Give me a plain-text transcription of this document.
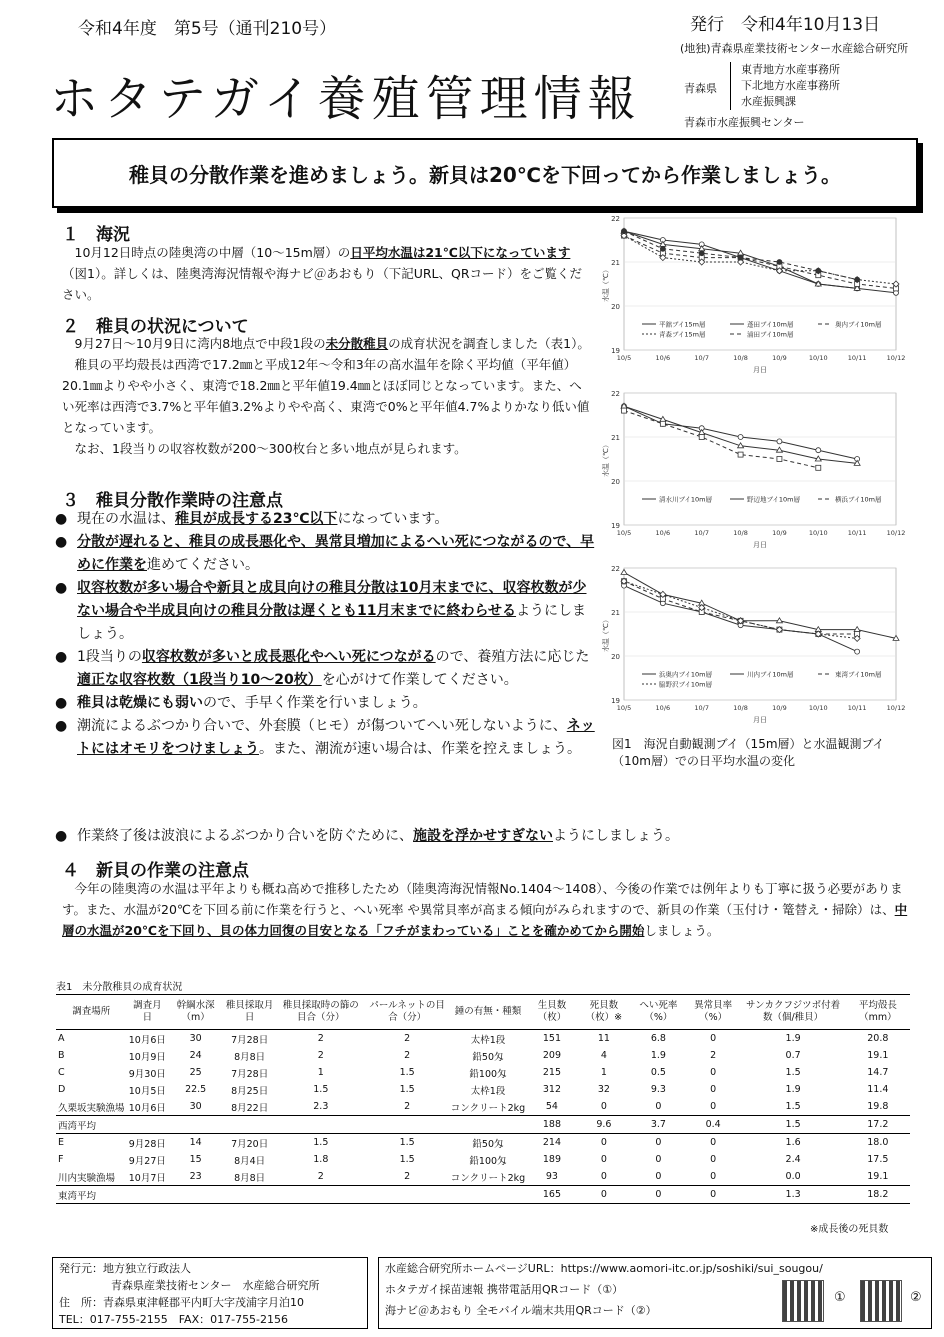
令和4年度　第5号（通刊210号）	発行　令和4年10月13日
(地独)青森県産業技術センター水産総合研究所
ホタテガイ養殖管理情報	青森県
東青地方水産事務所
下北地方水産事務所
水産振興課
青森市水産振興センター
稚貝の分散作業を進めましょう。新貝は20℃を下回ってから作業しましょう。
１　海況
　10月12日時点の陸奥湾の中層（10～15m層）の日平均水温は21℃以下になっています（図1）。詳しくは、陸奥湾海況情報や海ナビ＠あおもり（下記URL、QRコード）をご覧ください。
２　稚貝の状況について
　9月27日～10月9日に湾内8地点で中段1段の未分散稚貝の成育状況を調査しました（表1）。
　稚貝の平均殻長は西湾で17.2㎜と平成12年～令和3年の高水温年を除く平均値（平年値）20.1㎜よりやや小さく、東湾で18.2㎜と平年値19.4㎜とほぼ同じとなっています。また、へい死率は西湾で3.7%と平年値3.2%よりやや高く、東湾で0%と平年値4.7%よりかなり低い値となっています。
　なお、1段当りの収容枚数が200～300枚台と多い地点が見られます。
３　稚貝分散作業時の注意点
● 現在の水温は、稚貝が成長する23℃以下になっています。
● 分散が遅れると、稚貝の成長悪化や、異常貝増加によるへい死につながるので、早めに作業を進めてください。
● 収容枚数が多い場合や新貝と成貝向けの稚貝分散は10月末までに、収容枚数が少ない場合や半成貝向けの稚貝分散は遅くとも11月末までに終わらせるようにしましょう。
● 1段当りの収容枚数が多いと成長悪化やへい死につながるので、養殖方法に応じた適正な収容枚数（1段当り10～20枚）を心がけて作業してください。
● 稚貝は乾燥にも弱いので、手早く作業を行いましょう。
● 潮流によるぶつかり合いで、外套膜（ヒモ）が傷ついてへい死しないように、ネットにはオモリをつけましょう。また、潮流が速い場合は、作業を控えましょう。
● 作業終了後は波浪によるぶつかり合いを防ぐために、施設を浮かせすぎないようにしましょう。
４　新貝の作業の注意点
　今年の陸奥湾の水温は平年よりも概ね高めで推移したため（陸奥湾海況情報No.1404～1408）、今後の作業では例年よりも丁寧に扱う必要があります。また、水温が20℃を下回る前に作業を行うと、へい死率 や異常貝率が高まる傾向がみられますので、新貝の作業（玉付け・篭替え・掃除）は、中層の水温が20℃を下回り、貝の体力回復の目安となる「フチがまわっている」ことを確かめてから開始しましょう。
19
20
21
22
10/5	10/6	10/7	10/8	10/9	10/10	10/11	10/12
月日
水温（℃）
平舘ブイ15m層	蓬田ブイ10m層	奥内ブイ10m層
青森ブイ15m層	浦田ブイ10m層
19
20
21
22
10/5	10/6	10/7	10/8	10/9	10/10	10/11	10/12
月日
水温（℃）
清水川ブイ10m層	野辺地ブイ10m層	横浜ブイ10m層
19
20
21
22
10/5	10/6	10/7	10/8	10/9	10/10	10/11	10/12
月日
水温（℃）
浜奥内ブイ10m層	川内ブイ10m層	東湾ブイ10m層
脇野沢ブイ10m層
図1　海況自動観測ブイ（15m層）と水温観測ブイ（10m層）での日平均水温の変化
表1　未分散稚貝の成育状況
調査場所	調査月日	幹綱水深（m）	稚貝採取月日	稚貝採取時の篩の目合（分）	パールネットの目合（分）	錘の有無・種類	生貝数（枚）	死貝数（枚）※	へい死率（%）	異常貝率（%）	サンカクフジツボ付着数（個/稚貝）	平均殻長（mm）
A	10月6日	30	7月28日	2	2	太枠1段	151	11	6.8	0	1.9	20.8
B	10月9日	24	8月8日	2	2	鉛50匁	209	4	1.9	2	0.7	19.1
C	9月30日	25	7月28日	1	1.5	鉛100匁	215	1	0.5	0	1.5	14.7
D	10月5日	22.5	8月25日	1.5	1.5	太枠1段	312	32	9.3	0	1.9	11.4
久栗坂実験漁場	10月6日	30	8月22日	2.3	2	コンクリート2kg	54	0	0	0	1.5	19.8
西湾平均							188	9.6	3.7	0.4	1.5	17.2
E	9月28日	14	7月20日	1.5	1.5	鉛50匁	214	0	0	0	1.6	18.0
F	9月27日	15	8月4日	1.8	1.5	鉛100匁	189	0	0	0	2.4	17.5
川内実験漁場	10月7日	23	8月8日	2	2	コンクリート2kg	93	0	0	0	0.0	19.1
東湾平均							165	0	0	0	1.3	18.2
※成長後の死貝数
発行元：地方独立行政法人
青森県産業技術センター　水産総合研究所
住　所：青森県東津軽郡平内町大字茂浦字月泊10
TEL：017-755-2155　FAX：017-755-2156
水産総合研究所ホームページURL：https://www.aomori-itc.or.jp/soshiki/sui_sougou/
ホタテガイ採苗速報 携帯電話用QRコード（①）
海ナビ＠あおもり 全モバイル端末共用QRコード（②）
①	②
